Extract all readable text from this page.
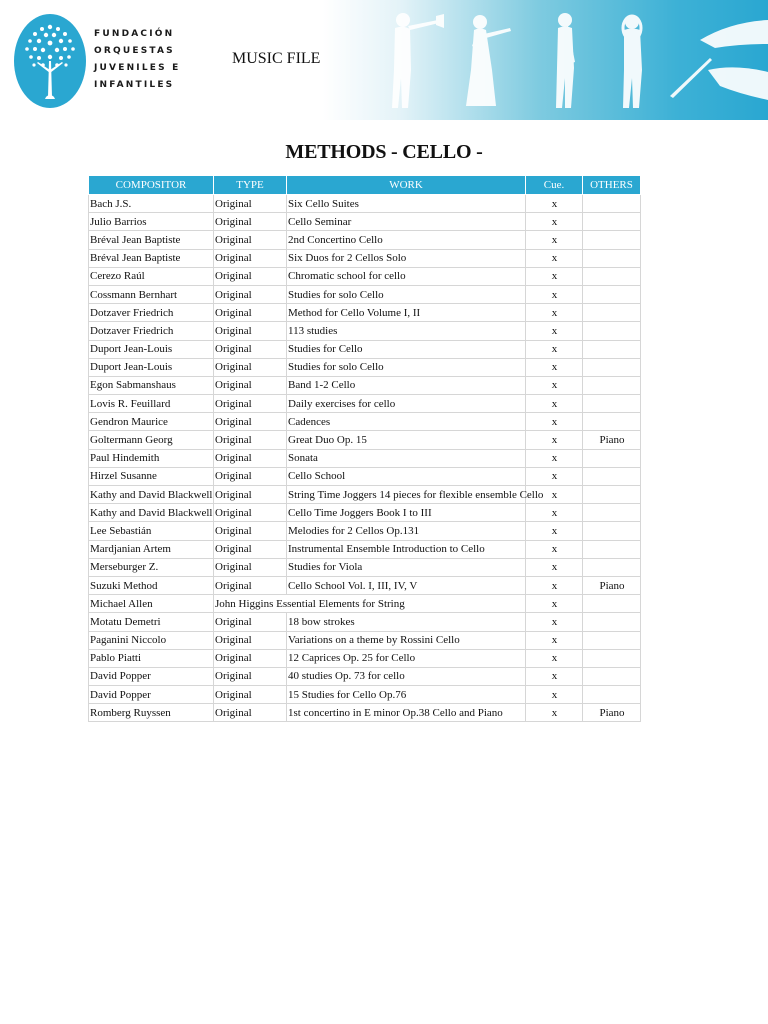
FUNDACIÓN
ORQUESTAS
JUVENILES E
INFANTILES
MUSIC FILE
METHODS - CELLO -
COMPOSITOR	TYPE	WORK	Cue.	OTHERS
Bach J.S.	Original	Six Cello Suites	x	
Julio Barrios	Original	Cello Seminar	x	
Bréval Jean Baptiste	Original	2nd Concertino Cello	x	
Bréval Jean Baptiste	Original	Six Duos for 2 Cellos Solo	x	
Cerezo Raúl	Original	Chromatic school for cello	x	
Cossmann Bernhart	Original	Studies for solo Cello	x	
Dotzaver Friedrich	Original	Method for Cello Volume I, II	x	
Dotzaver Friedrich	Original	113 studies	x	
Duport Jean-Louis	Original	Studies for Cello	x	
Duport Jean-Louis	Original	Studies for solo Cello	x	
Egon Sabmanshaus	Original	Band 1-2 Cello	x	
Lovis R. Feuillard	Original	Daily exercises for cello	x	
Gendron Maurice	Original	Cadences	x	
Goltermann Georg	Original	Great Duo Op. 15	x	Piano
Paul Hindemith	Original	Sonata	x	
Hirzel Susanne	Original	Cello School	x	
Kathy and David Blackwell	Original	String Time Joggers 14 pieces for flexible ensemble Cello	x	
Kathy and David Blackwell	Original	Cello Time Joggers Book I to III	x	
Lee Sebastián	Original	Melodies for 2 Cellos Op.131	x	
Mardjanian Artem	Original	Instrumental Ensemble Introduction to Cello	x	
Merseburger Z.	Original	Studies for Viola	x	
Suzuki Method	Original	Cello School Vol. I, III, IV, V	x	Piano
Michael Allen	John Higgins Essential Elements for String		x	
Motatu Demetri	Original	18 bow strokes	x	
Paganini Niccolo	Original	Variations on a theme by Rossini Cello	x	
Pablo Piatti	Original	12 Caprices Op. 25 for Cello	x	
David Popper	Original	40 studies Op. 73 for cello	x	
David Popper	Original	15 Studies for Cello Op.76	x	
Romberg Ruyssen	Original	1st concertino in E minor Op.38 Cello and Piano	x	Piano
